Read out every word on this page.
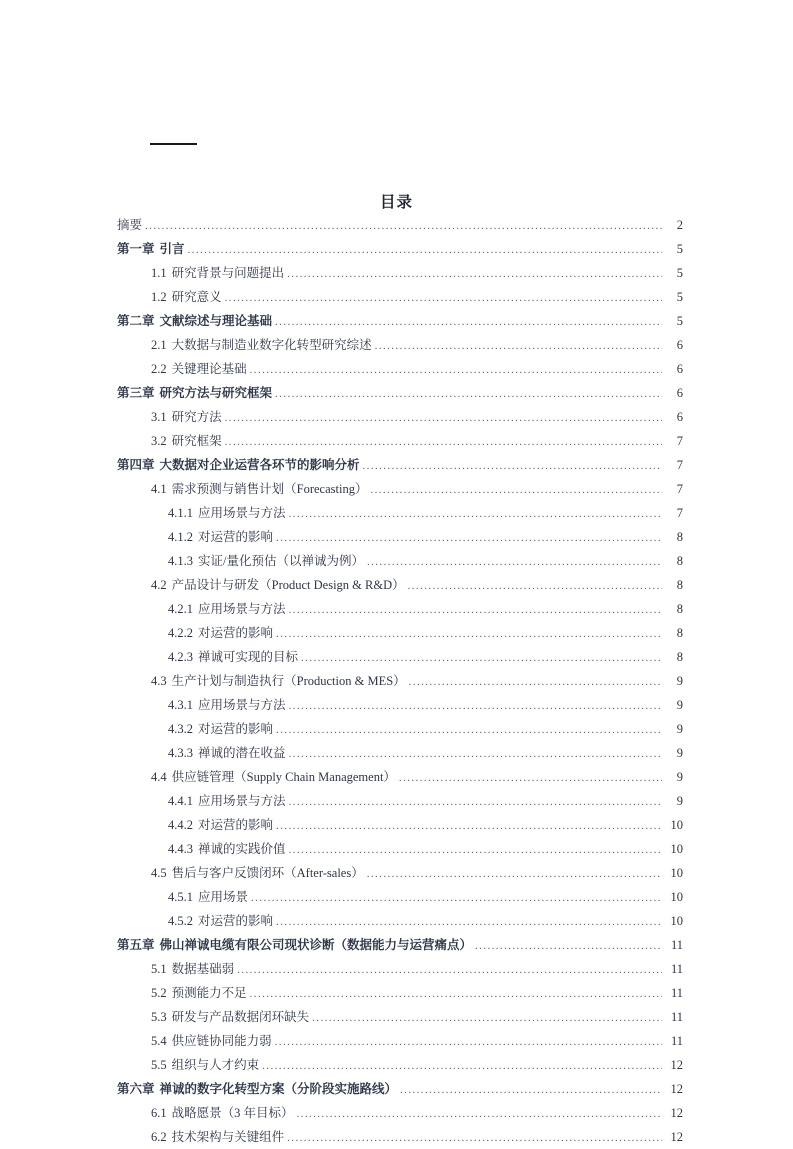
目录
摘要 .....	2
第一章 引言 .....	5
1.1 研究背景与问题提出 .....	5
1.2 研究意义 .....	5
第二章 文献综述与理论基础 .....	5
2.1 大数据与制造业数字化转型研究综述 .....	6
2.2 关键理论基础 .....	6
第三章 研究方法与研究框架 .....	6
3.1 研究方法 .....	6
3.2 研究框架 .....	7
第四章 大数据对企业运营各环节的影响分析 .....	7
4.1 需求预测与销售计划（Forecasting） .....	7
4.1.1 应用场景与方法 .....	7
4.1.2 对运营的影响 .....	8
4.1.3 实证/量化预估（以禅诚为例） .....	8
4.2 产品设计与研发（Product Design & R&D） .....	8
4.2.1 应用场景与方法 .....	8
4.2.2 对运营的影响 .....	8
4.2.3 禅诚可实现的目标 .....	8
4.3 生产计划与制造执行（Production & MES） .....	9
4.3.1 应用场景与方法 .....	9
4.3.2 对运营的影响 .....	9
4.3.3 禅诚的潜在收益 .....	9
4.4 供应链管理（Supply Chain Management） .....	9
4.4.1 应用场景与方法 .....	9
4.4.2 对运营的影响 .....	10
4.4.3 禅诚的实践价值 .....	10
4.5 售后与客户反馈闭环（After-sales） .....	10
4.5.1 应用场景 .....	10
4.5.2 对运营的影响 .....	10
第五章 佛山禅诚电缆有限公司现状诊断（数据能力与运营痛点） .....	11
5.1 数据基础弱 .....	11
5.2 预测能力不足 .....	11
5.3 研发与产品数据闭环缺失 .....	11
5.4 供应链协同能力弱 .....	11
5.5 组织与人才约束 .....	12
第六章 禅诚的数字化转型方案（分阶段实施路线） .....	12
6.1 战略愿景（3 年目标） .....	12
6.2 技术架构与关键组件 .....	12
